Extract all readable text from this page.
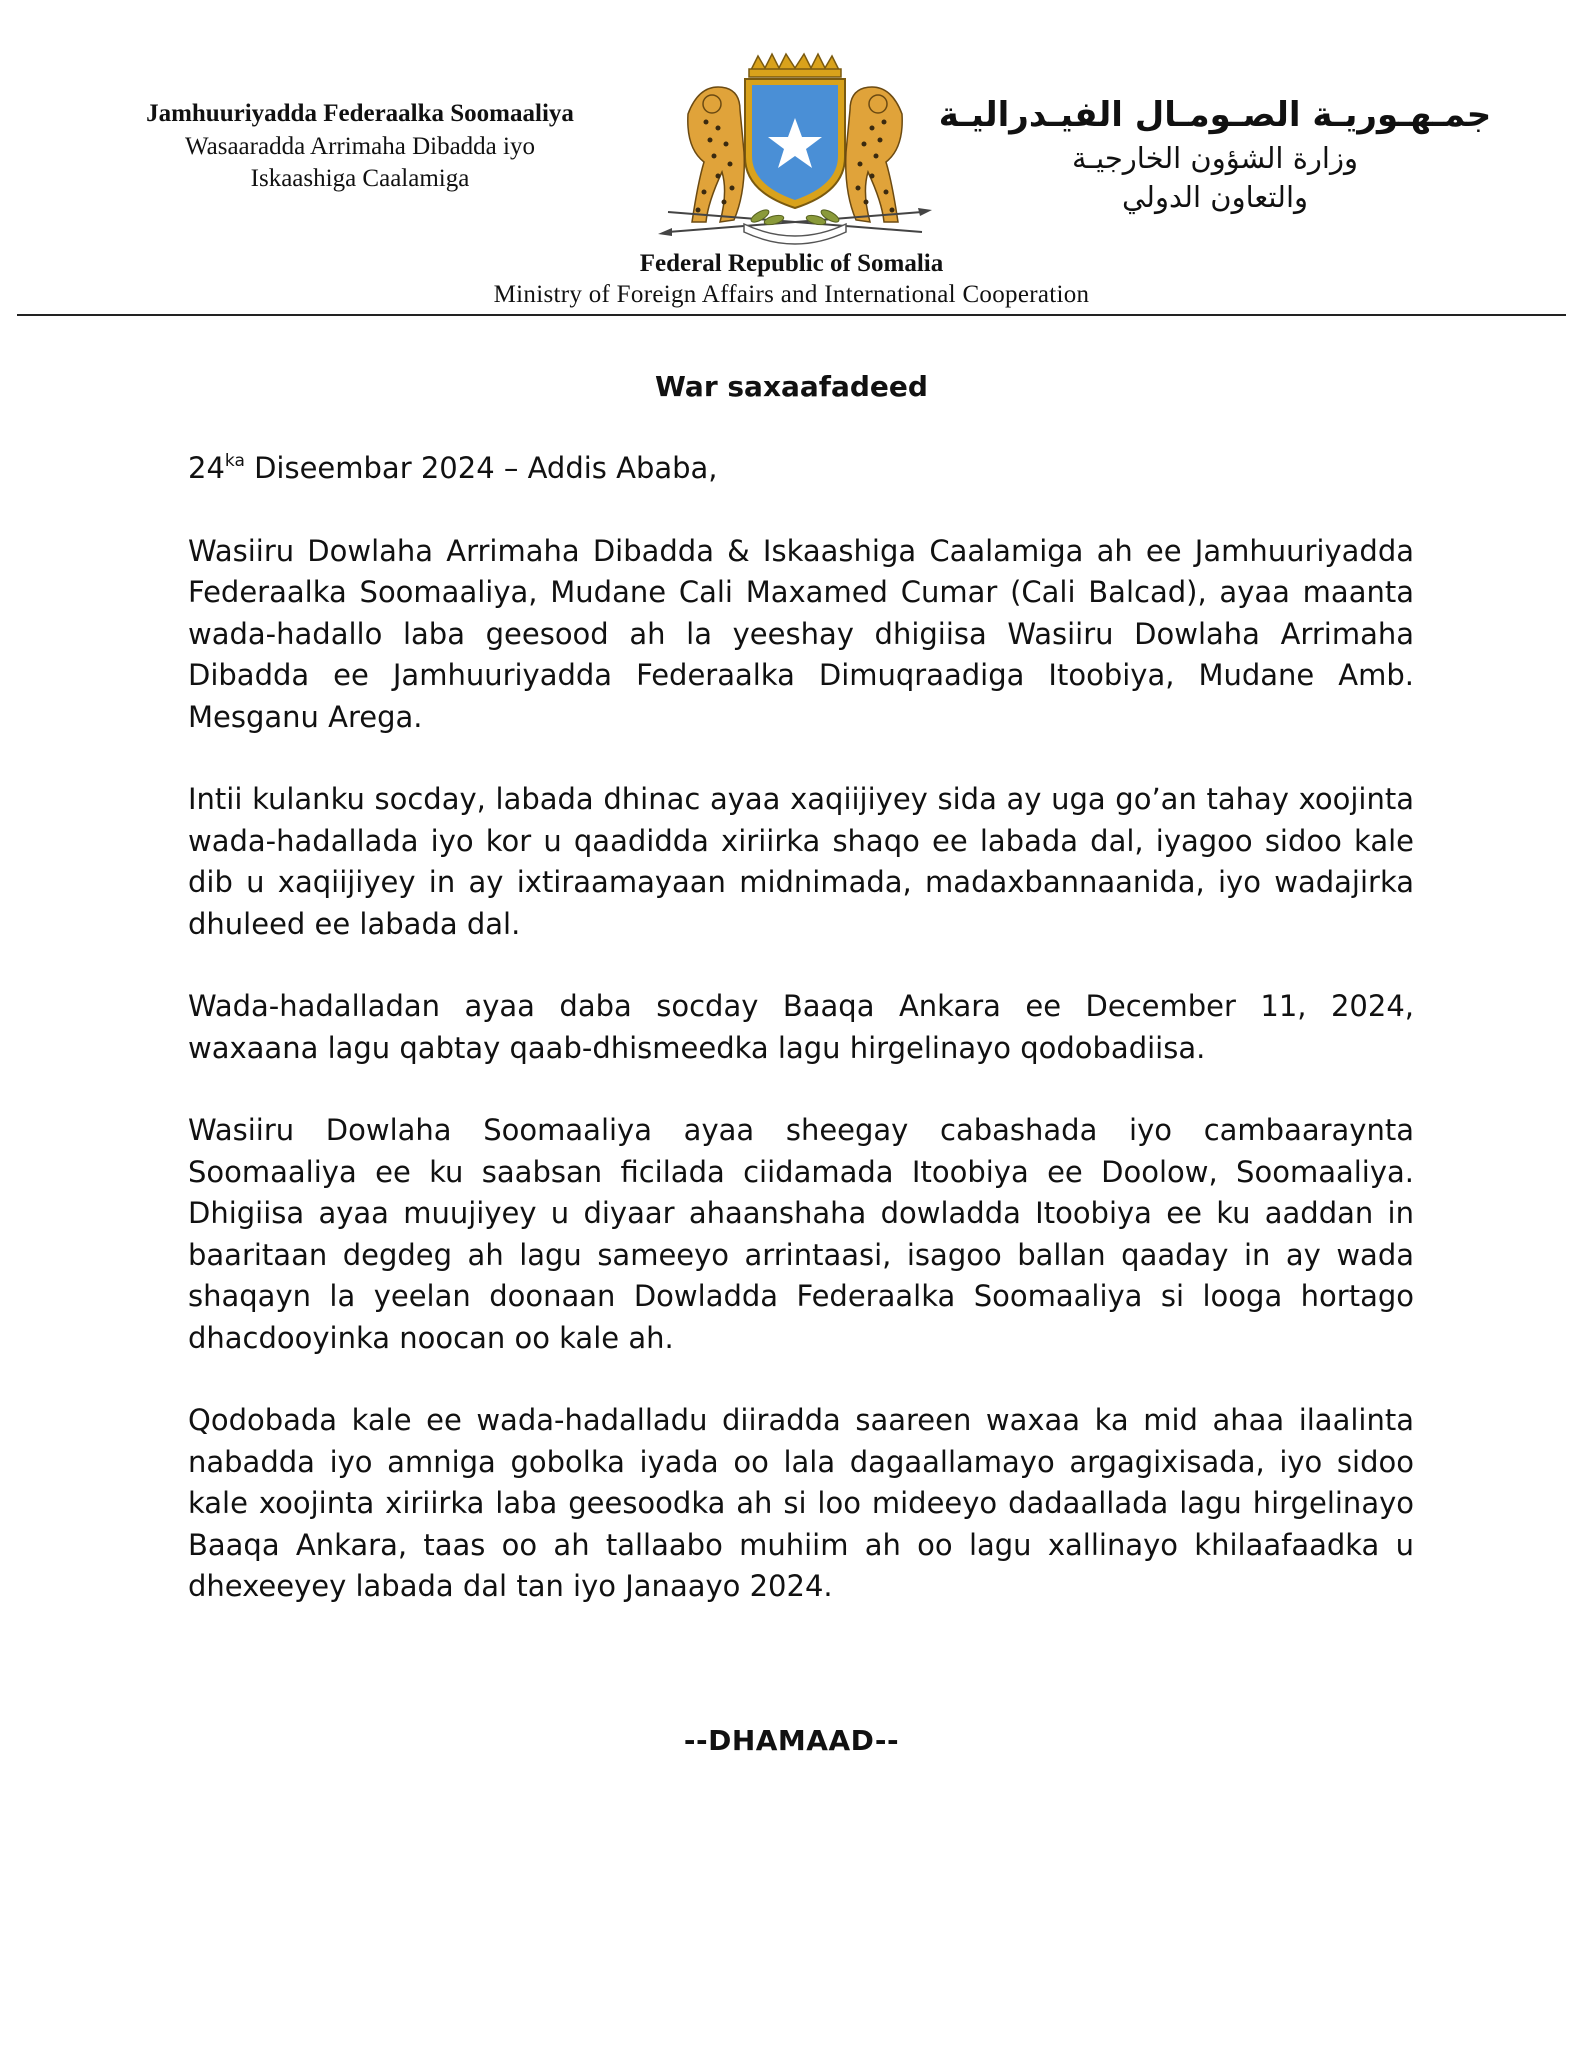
Jamhuuriyadda Federaalka Soomaaliya
Wasaaradda Arrimaha Dibadda iyo
Iskaashiga Caalamiga
جمـهـوريـة الصـومـال الفيـدراليـة
وزارة الشؤون الخارجيـة
والتعاون الدولي
Federal Republic of Somalia
Ministry of Foreign Affairs and International Cooperation
War saxaafadeed

$24^{ka}$ Diseembar 2024 – Addis Ababa,

Wasiiru Dowlaha Arrimaha Dibadda & Iskaashiga Caalamiga ah ee Jamhuuriyadda Federaalka Soomaaliya, Mudane Cali Maxamed Cumar (Cali Balcad), ayaa maanta wada-hadallo laba geesood ah la yeeshay dhigiisa Wasiiru Dowlaha Arrimaha Dibadda ee Jamhuuriyadda Federaalka Dimuqraadiga Itoobiya, Mudane Amb. Mesganu Arega.

Intii kulanku socday, labada dhinac ayaa xaqiijiyey sida ay uga go’an tahay xoojinta wada-hadallada iyo kor u qaadidda xiriirka shaqo ee labada dal, iyagoo sidoo kale dib u xaqiijiyey in ay ixtiraamayaan midnimada, madaxbannaanida, iyo wadajirka dhuleed ee labada dal.

Wada-hadalladan ayaa daba socday Baaqa Ankara ee December 11, 2024, waxaana lagu qabtay qaab-dhismeedka lagu hirgelinayo qodobadiisa.

Wasiiru Dowlaha Soomaaliya ayaa sheegay cabashada iyo cambaaraynta Soomaaliya ee ku saabsan ficilada ciidamada Itoobiya ee Doolow, Soomaaliya. Dhigiisa ayaa muujiyey u diyaar ahaanshaha dowladda Itoobiya ee ku aaddan in baaritaan degdeg ah lagu sameeyo arrintaasi, isagoo ballan qaaday in ay wada shaqayn la yeelan doonaan Dowladda Federaalka Soomaaliya si looga hortago dhacdooyinka noocan oo kale ah.

Qodobada kale ee wada-hadalladu diiradda saareen waxaa ka mid ahaa ilaalinta nabadda iyo amniga gobolka iyada oo lala dagaallamayo argagixisada, iyo sidoo kale xoojinta xiriirka laba geesoodka ah si loo mideeyo dadaallada lagu hirgelinayo Baaqa Ankara, taas oo ah tallaabo muhiim ah oo lagu xallinayo khilaafaadka u dhexeeyey labada dal tan iyo Janaayo 2024.

--DHAMAAD--
